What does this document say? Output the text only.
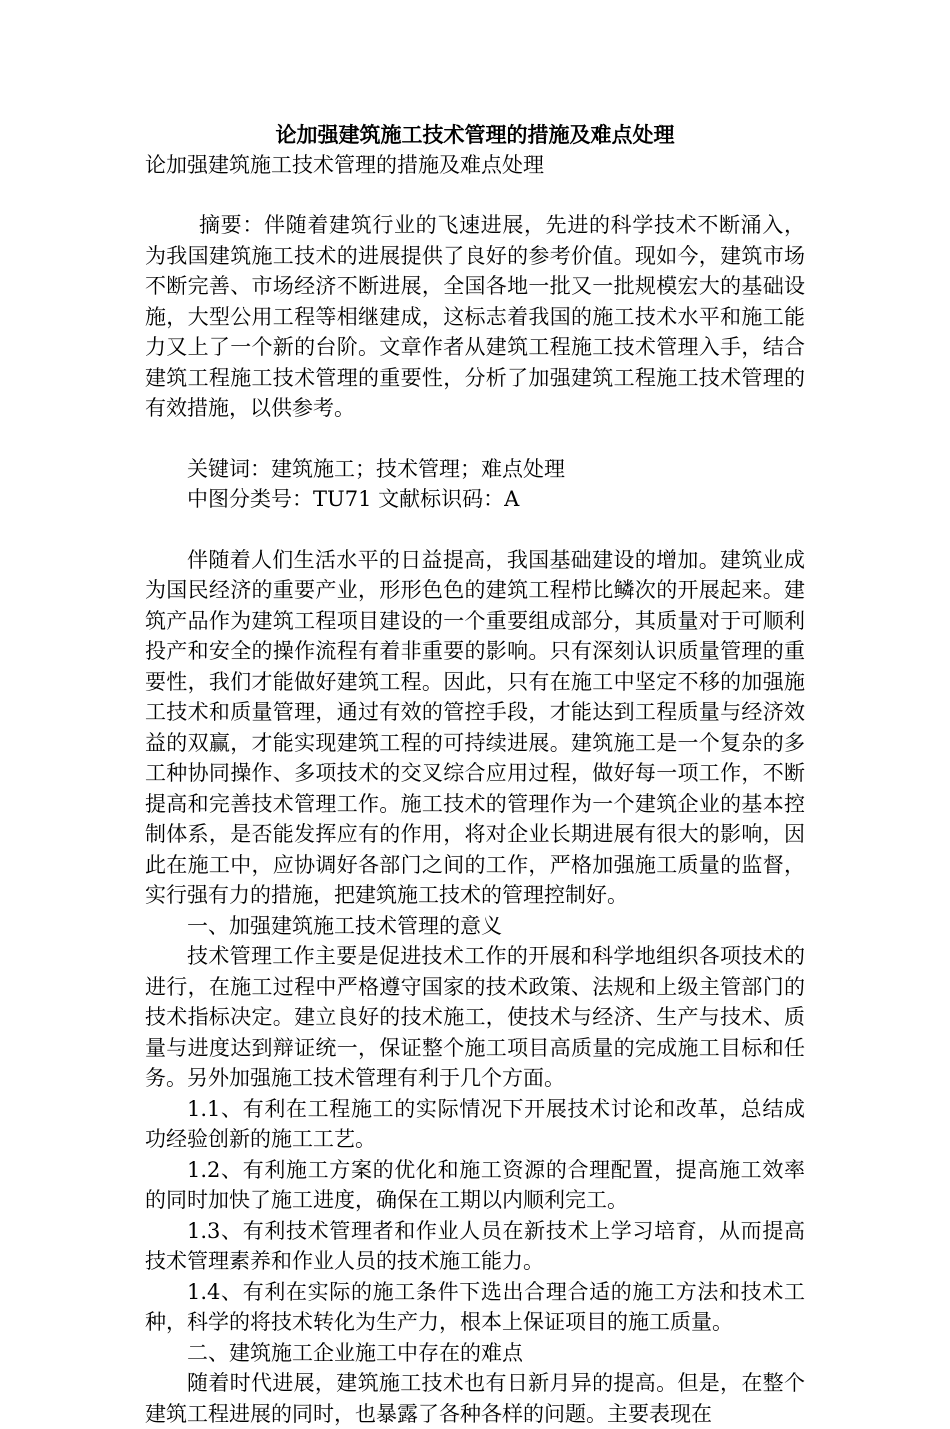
论加强建筑施工技术管理的措施及难点处理
论加强建筑施工技术管理的措施及难点处理

摘要：伴随着建筑行业的飞速进展，先进的科学技术不断涌入，为我国建筑施工技术的进展提供了良好的参考价值。现如今，建筑市场不断完善、市场经济不断进展，全国各地一批又一批规模宏大的基础设施，大型公用工程等相继建成，这标志着我国的施工技术水平和施工能力又上了一个新的台阶。文章作者从建筑工程施工技术管理入手，结合建筑工程施工技术管理的重要性，分析了加强建筑工程施工技术管理的有效措施，以供参考。

关键词：建筑施工；技术管理；难点处理

中图分类号：TU71 文献标识码：A

伴随着人们生活水平的日益提高，我国基础建设的增加。建筑业成为国民经济的重要产业，形形色色的建筑工程栉比鳞次的开展起来。建筑产品作为建筑工程项目建设的一个重要组成部分，其质量对于可顺利投产和安全的操作流程有着非重要的影响。只有深刻认识质量管理的重要性，我们才能做好建筑工程。因此，只有在施工中坚定不移的加强施工技术和质量管理，通过有效的管控手段，才能达到工程质量与经济效益的双赢，才能实现建筑工程的可持续进展。建筑施工是一个复杂的多工种协同操作、多项技术的交叉综合应用过程，做好每一项工作，不断提高和完善技术管理工作。施工技术的管理作为一个建筑企业的基本控制体系，是否能发挥应有的作用，将对企业长期进展有很大的影响，因此在施工中，应协调好各部门之间的工作，严格加强施工质量的监督，实行强有力的措施，把建筑施工技术的管理控制好。

一、加强建筑施工技术管理的意义

技术管理工作主要是促进技术工作的开展和科学地组织各项技术的进行，在施工过程中严格遵守国家的技术政策、法规和上级主管部门的技术指标决定。建立良好的技术施工，使技术与经济、生产与技术、质量与进度达到辩证统一，保证整个施工项目高质量的完成施工目标和任务。另外加强施工技术管理有利于几个方面。

1.1、有利在工程施工的实际情况下开展技术讨论和改革，总结成功经验创新的施工工艺。

1.2、有利施工方案的优化和施工资源的合理配置，提高施工效率的同时加快了施工进度，确保在工期以内顺利完工。

1.3、有利技术管理者和作业人员在新技术上学习培育，从而提高技术管理素养和作业人员的技术施工能力。

1.4、有利在实际的施工条件下选出合理合适的施工方法和技术工种，科学的将技术转化为生产力，根本上保证项目的施工质量。

二、建筑施工企业施工中存在的难点

随着时代进展，建筑施工技术也有日新月异的提高。但是，在整个建筑工程进展的同时，也暴露了各种各样的问题。主要表现在
